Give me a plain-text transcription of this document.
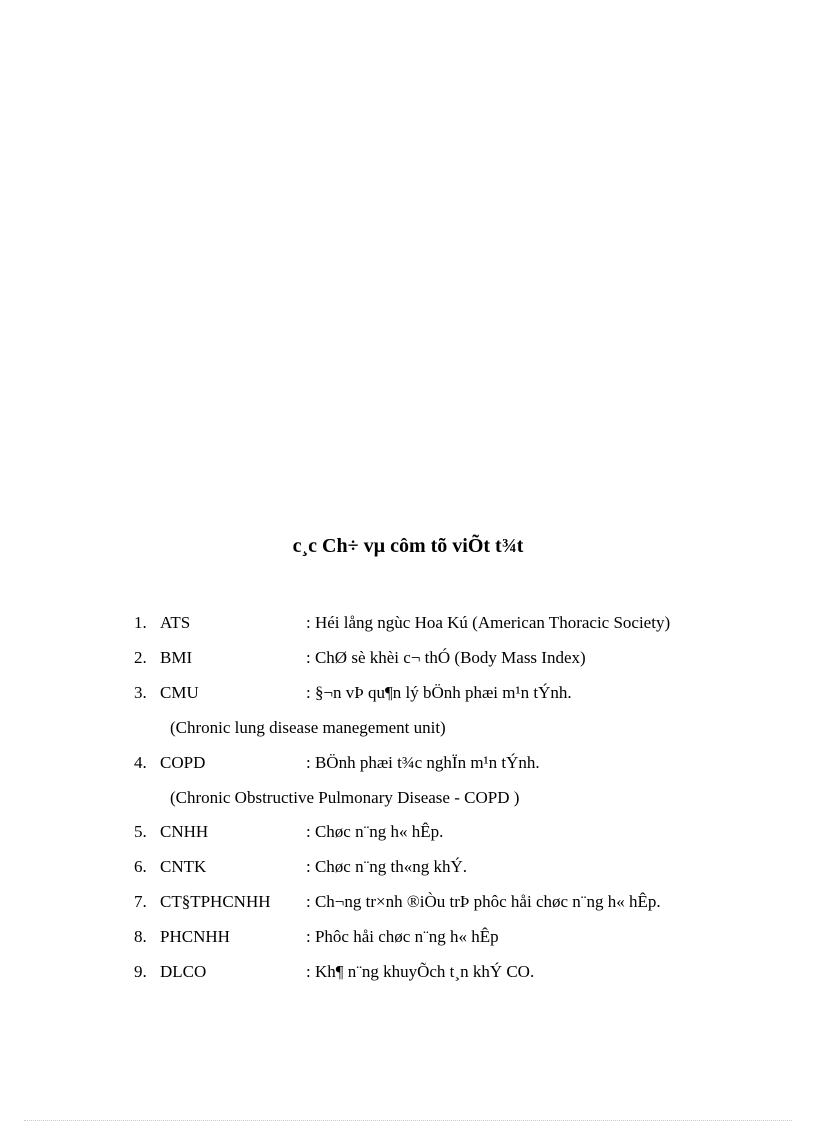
c¸c Ch÷ vµ côm tõ viÕt t¾t
1. ATS	: Héi lång ngùc Hoa Kú (American Thoracic Society)
2. BMI	: ChØ sè khèi c¬ thÓ (Body Mass Index)
3. CMU	: §¬n vÞ qu¶n lý bÖnh phæi m¹n tÝnh.
(Chronic lung disease manegement unit)
4. COPD	: BÖnh phæi t¾c nghÏn m¹n tÝnh.
(Chronic Obstructive Pulmonary Disease - COPD )
5. CNHH	: Chøc n¨ng h« hÊp.
6. CNTK	: Chøc n¨ng th«ng khÝ.
7. CT§TPHCNHH : Ch¬ng tr×nh ®iÒu trÞ phôc håi chøc n¨ng h« hÊp.
8. PHCNHH	: Phôc håi chøc n¨ng h« hÊp
9. DLCO	: Kh¶ n¨ng khuyÕch t¸n khÝ CO.
